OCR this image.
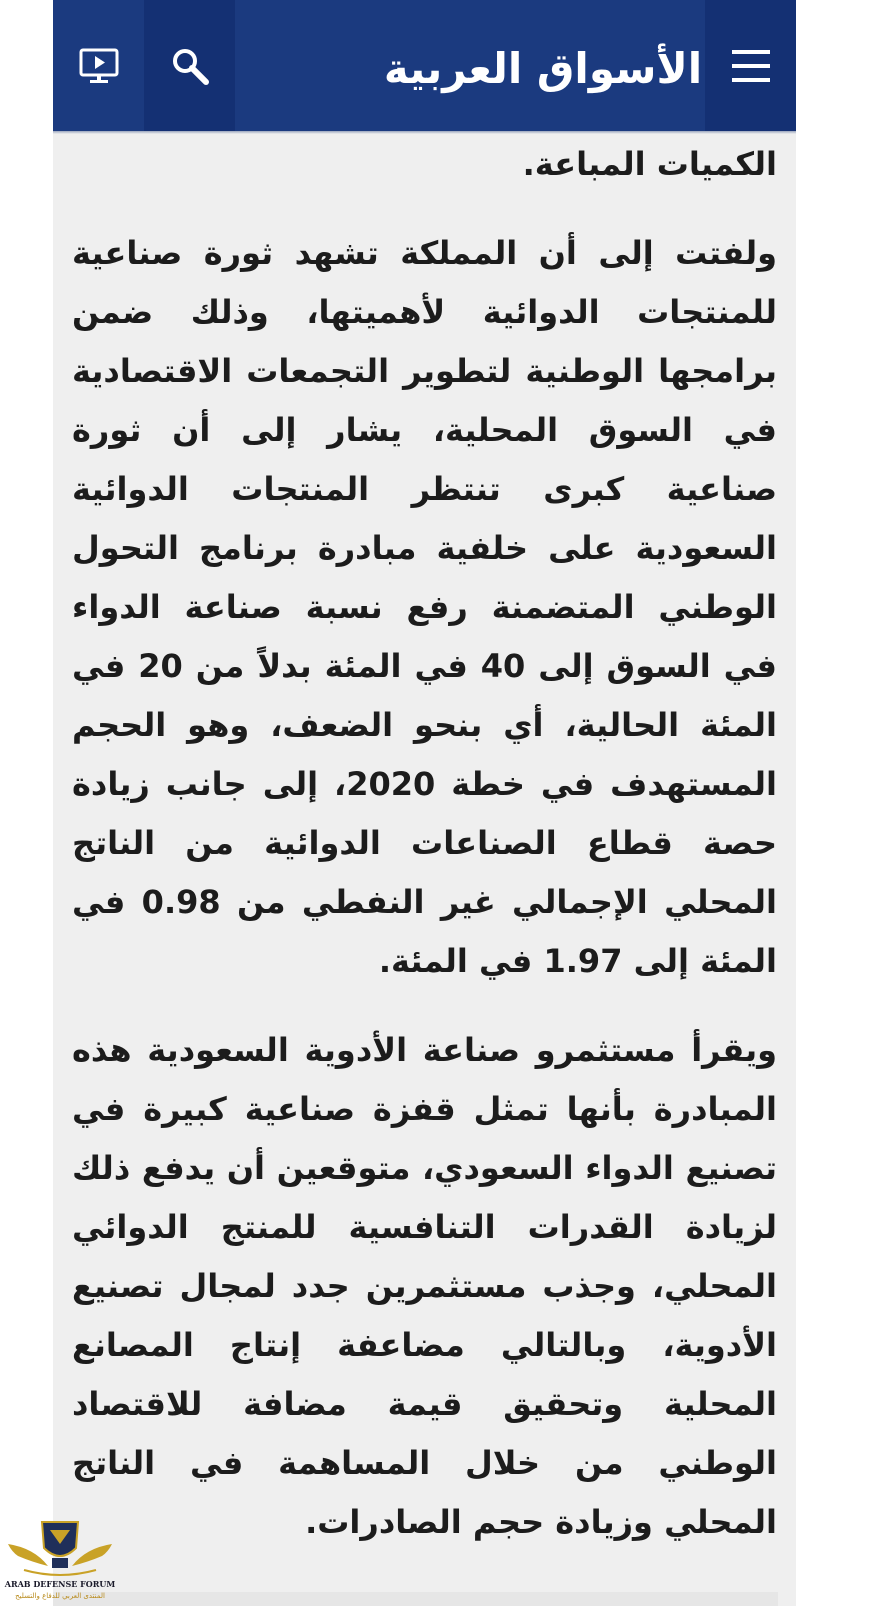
الكميات المباعة.

ولفتت إلى أن المملكة تشهد ثورة صناعية للمنتجات الدوائية لأهميتها، وذلك ضمن برامجها الوطنية لتطوير التجمعات الاقتصادية في السوق المحلية، يشار إلى أن ثورة صناعية كبرى تنتظر المنتجات الدوائية السعودية على خلفية مبادرة برنامج التحول الوطني المتضمنة رفع نسبة صناعة الدواء في السوق إلى 40 في المئة بدلاً من 20 في المئة الحالية، أي بنحو الضعف، وهو الحجم المستهدف في خطة 2020، إلى جانب زيادة حصة قطاع الصناعات الدوائية من الناتج المحلي الإجمالي غير النفطي من 0.98 في المئة إلى 1.97 في المئة.

ويقرأ مستثمرو صناعة الأدوية السعودية هذه المبادرة بأنها تمثل قفزة صناعية كبيرة في تصنيع الدواء السعودي، متوقعين أن يدفع ذلك لزيادة القدرات التنافسية للمنتج الدوائي المحلي، وجذب مستثمرين جدد لمجال تصنيع الأدوية، وبالتالي مضاعفة إنتاج المصانع المحلية وتحقيق قيمة مضافة للاقتصاد الوطني من خلال المساهمة في الناتج المحلي وزيادة حجم الصادرات.

الأسواق العربية
ARAB DEFENSE FORUM
المنتدى العربي للدفاع والتسليح
